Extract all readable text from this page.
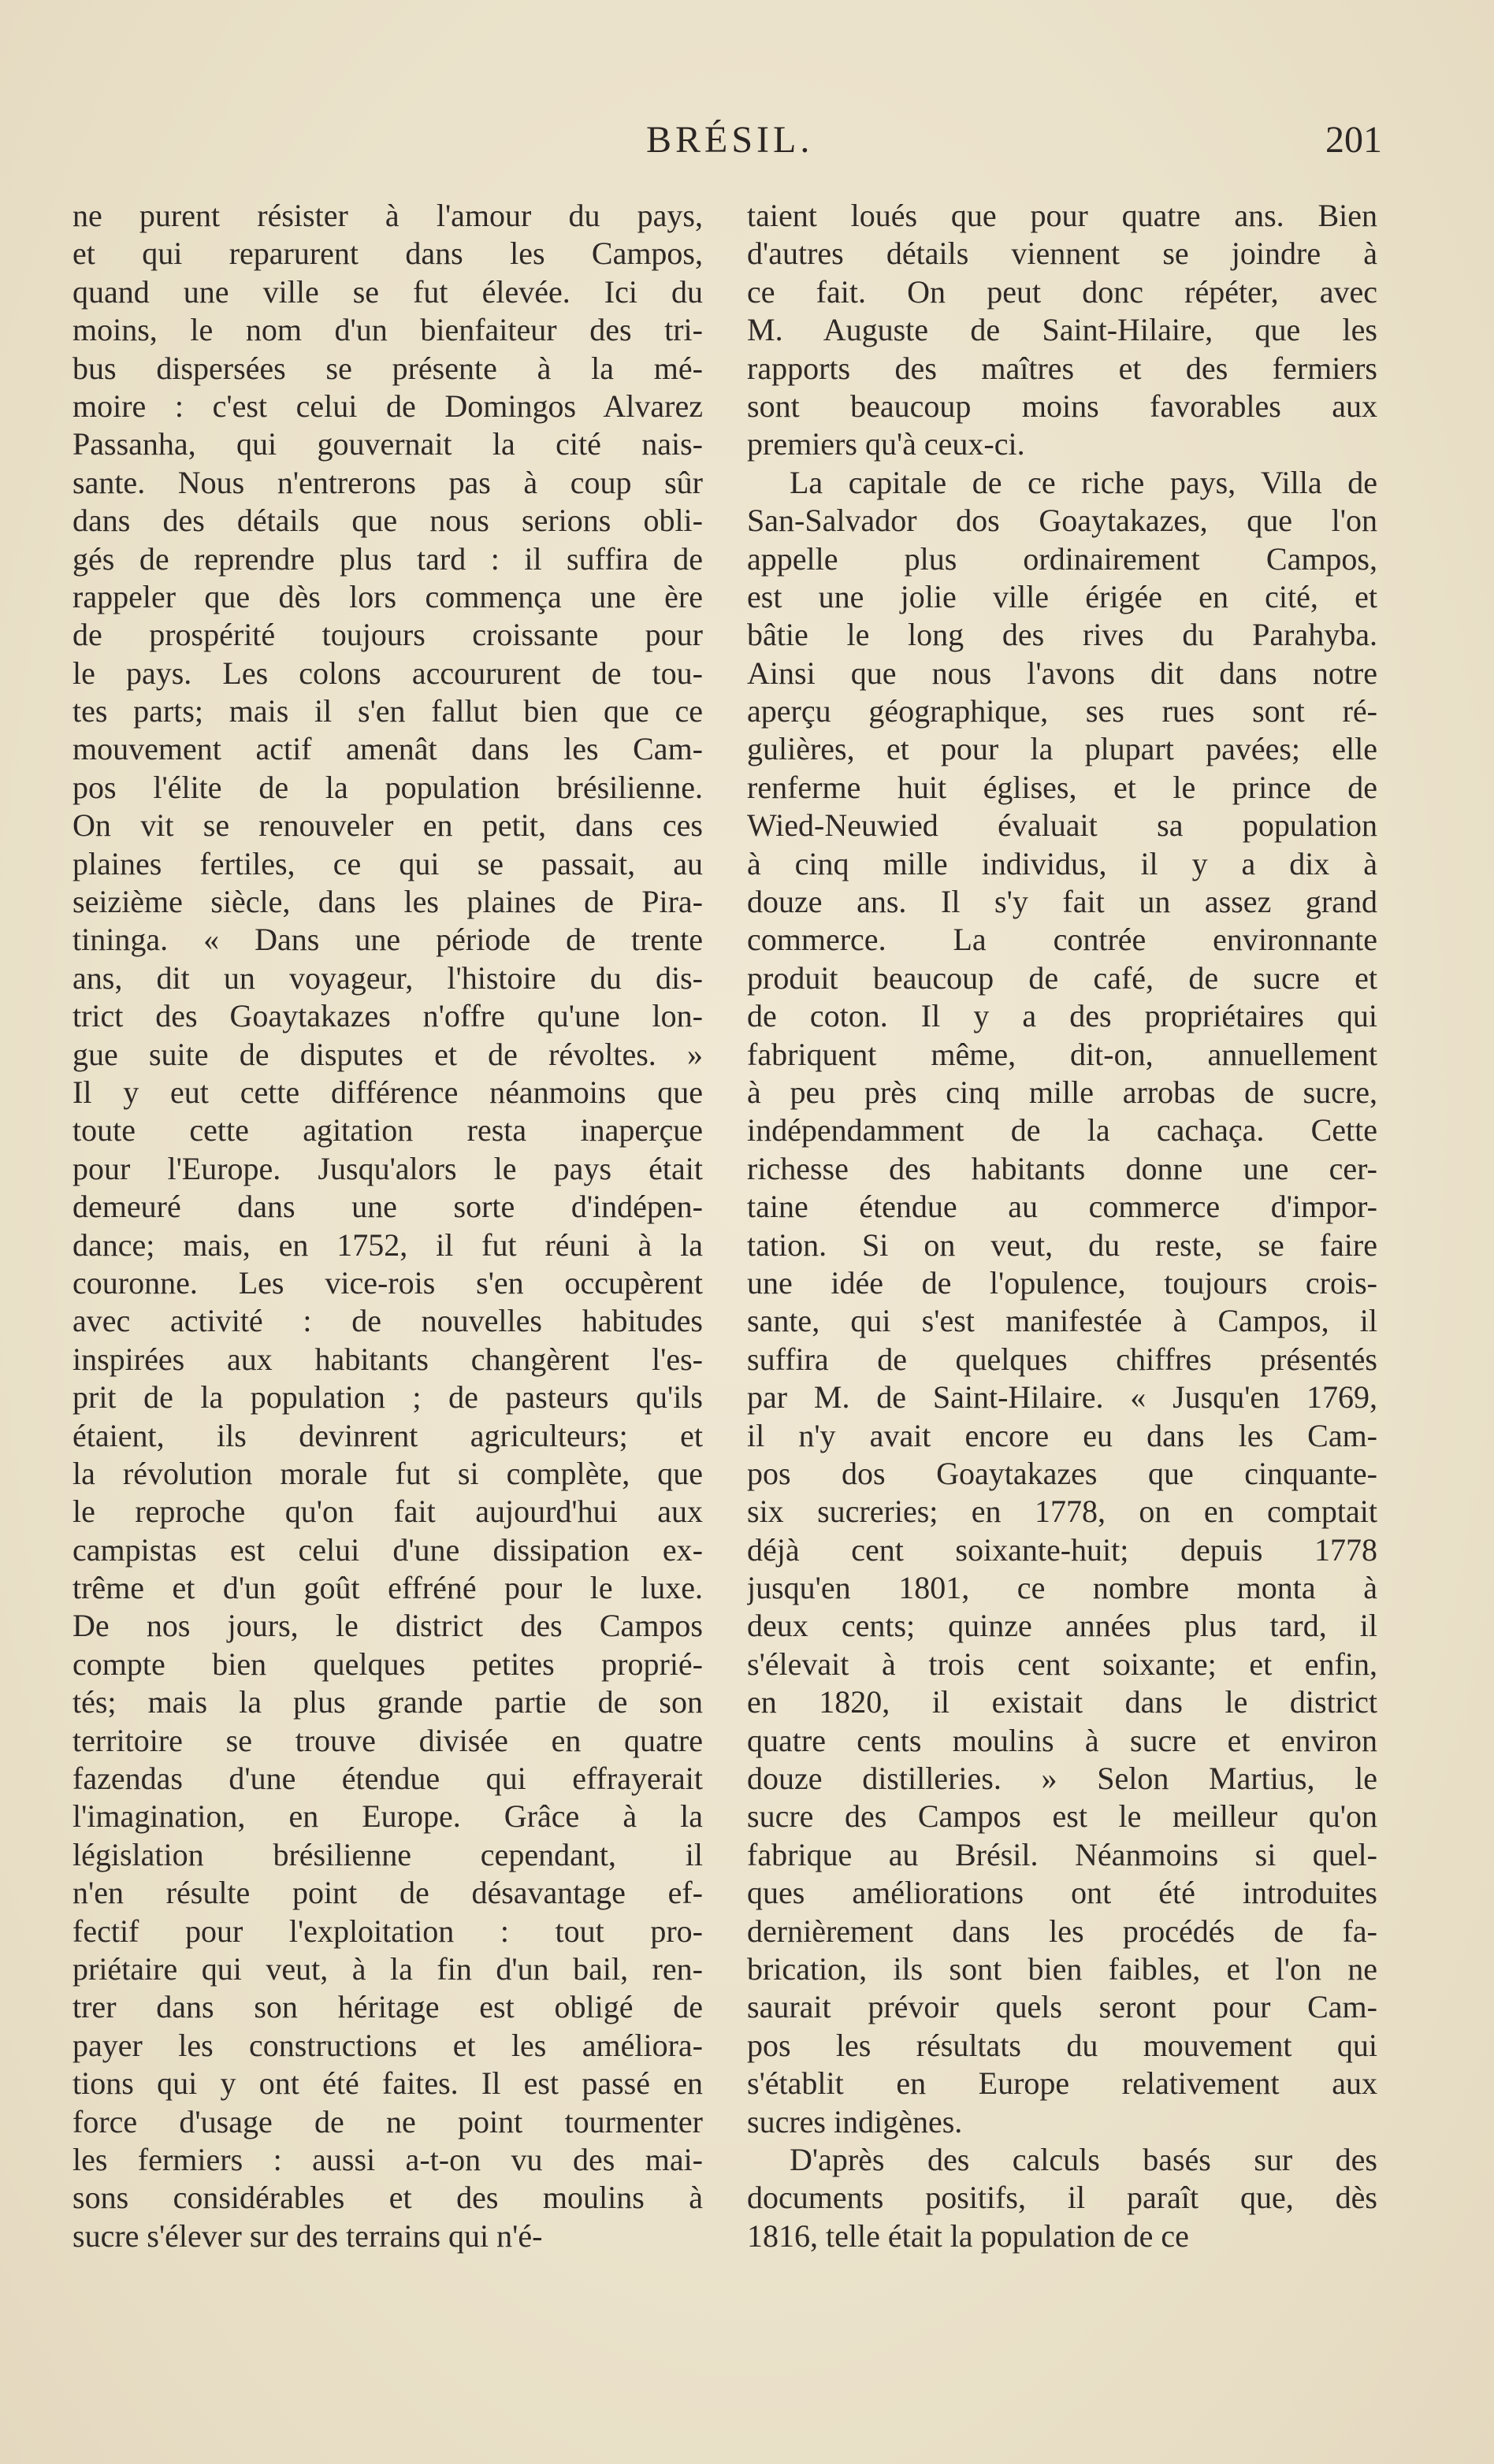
BRÉSIL.	201
ne purent résister à l'amour du pays,
et qui reparurent dans les Campos,
quand une ville se fut élevée. Ici du
moins, le nom d'un bienfaiteur des tri-
bus dispersées se présente à la mé-
moire : c'est celui de Domingos Alvarez
Passanha, qui gouvernait la cité nais-
sante. Nous n'entrerons pas à coup sûr
dans des détails que nous serions obli-
gés de reprendre plus tard : il suffira de
rappeler que dès lors commença une ère
de prospérité toujours croissante pour
le pays. Les colons accoururent de tou-
tes parts; mais il s'en fallut bien que ce
mouvement actif amenât dans les Cam-
pos l'élite de la population brésilienne.
On vit se renouveler en petit, dans ces
plaines fertiles, ce qui se passait, au
seizième siècle, dans les plaines de Pira-
tininga. « Dans une période de trente
ans, dit un voyageur, l'histoire du dis-
trict des Goaytakazes n'offre qu'une lon-
gue suite de disputes et de révoltes. »
Il y eut cette différence néanmoins que
toute cette agitation resta inaperçue
pour l'Europe. Jusqu'alors le pays était
demeuré dans une sorte d'indépen-
dance; mais, en 1752, il fut réuni à la
couronne. Les vice-rois s'en occupèrent
avec activité : de nouvelles habitudes
inspirées aux habitants changèrent l'es-
prit de la population ; de pasteurs qu'ils
étaient, ils devinrent agriculteurs; et
la révolution morale fut si complète, que
le reproche qu'on fait aujourd'hui aux
campistas est celui d'une dissipation ex-
trême et d'un goût effréné pour le luxe.
De nos jours, le district des Campos
compte bien quelques petites proprié-
tés; mais la plus grande partie de son
territoire se trouve divisée en quatre
fazendas d'une étendue qui effrayerait
l'imagination, en Europe. Grâce à la
législation brésilienne cependant, il
n'en résulte point de désavantage ef-
fectif pour l'exploitation : tout pro-
priétaire qui veut, à la fin d'un bail, ren-
trer dans son héritage est obligé de
payer les constructions et les améliora-
tions qui y ont été faites. Il est passé en
force d'usage de ne point tourmenter
les fermiers : aussi a-t-on vu des mai-
sons considérables et des moulins à
sucre s'élever sur des terrains qui n'é-
taient loués que pour quatre ans. Bien
d'autres détails viennent se joindre à
ce fait. On peut donc répéter, avec
M. Auguste de Saint-Hilaire, que les
rapports des maîtres et des fermiers
sont beaucoup moins favorables aux
premiers qu'à ceux-ci.
La capitale de ce riche pays, Villa de
San-Salvador dos Goaytakazes, que l'on
appelle plus ordinairement Campos,
est une jolie ville érigée en cité, et
bâtie le long des rives du Parahyba.
Ainsi que nous l'avons dit dans notre
aperçu géographique, ses rues sont ré-
gulières, et pour la plupart pavées; elle
renferme huit églises, et le prince de
Wied-Neuwied évaluait sa population
à cinq mille individus, il y a dix à
douze ans. Il s'y fait un assez grand
commerce. La contrée environnante
produit beaucoup de café, de sucre et
de coton. Il y a des propriétaires qui
fabriquent même, dit-on, annuellement
à peu près cinq mille arrobas de sucre,
indépendamment de la cachaça. Cette
richesse des habitants donne une cer-
taine étendue au commerce d'impor-
tation. Si on veut, du reste, se faire
une idée de l'opulence, toujours crois-
sante, qui s'est manifestée à Campos, il
suffira de quelques chiffres présentés
par M. de Saint-Hilaire. « Jusqu'en 1769,
il n'y avait encore eu dans les Cam-
pos dos Goaytakazes que cinquante-
six sucreries; en 1778, on en comptait
déjà cent soixante-huit; depuis 1778
jusqu'en 1801, ce nombre monta à
deux cents; quinze années plus tard, il
s'élevait à trois cent soixante; et enfin,
en 1820, il existait dans le district
quatre cents moulins à sucre et environ
douze distilleries. » Selon Martius, le
sucre des Campos est le meilleur qu'on
fabrique au Brésil. Néanmoins si quel-
ques améliorations ont été introduites
dernièrement dans les procédés de fa-
brication, ils sont bien faibles, et l'on ne
saurait prévoir quels seront pour Cam-
pos les résultats du mouvement qui
s'établit en Europe relativement aux
sucres indigènes.
D'après des calculs basés sur des
documents positifs, il paraît que, dès
1816, telle était la population de ce
